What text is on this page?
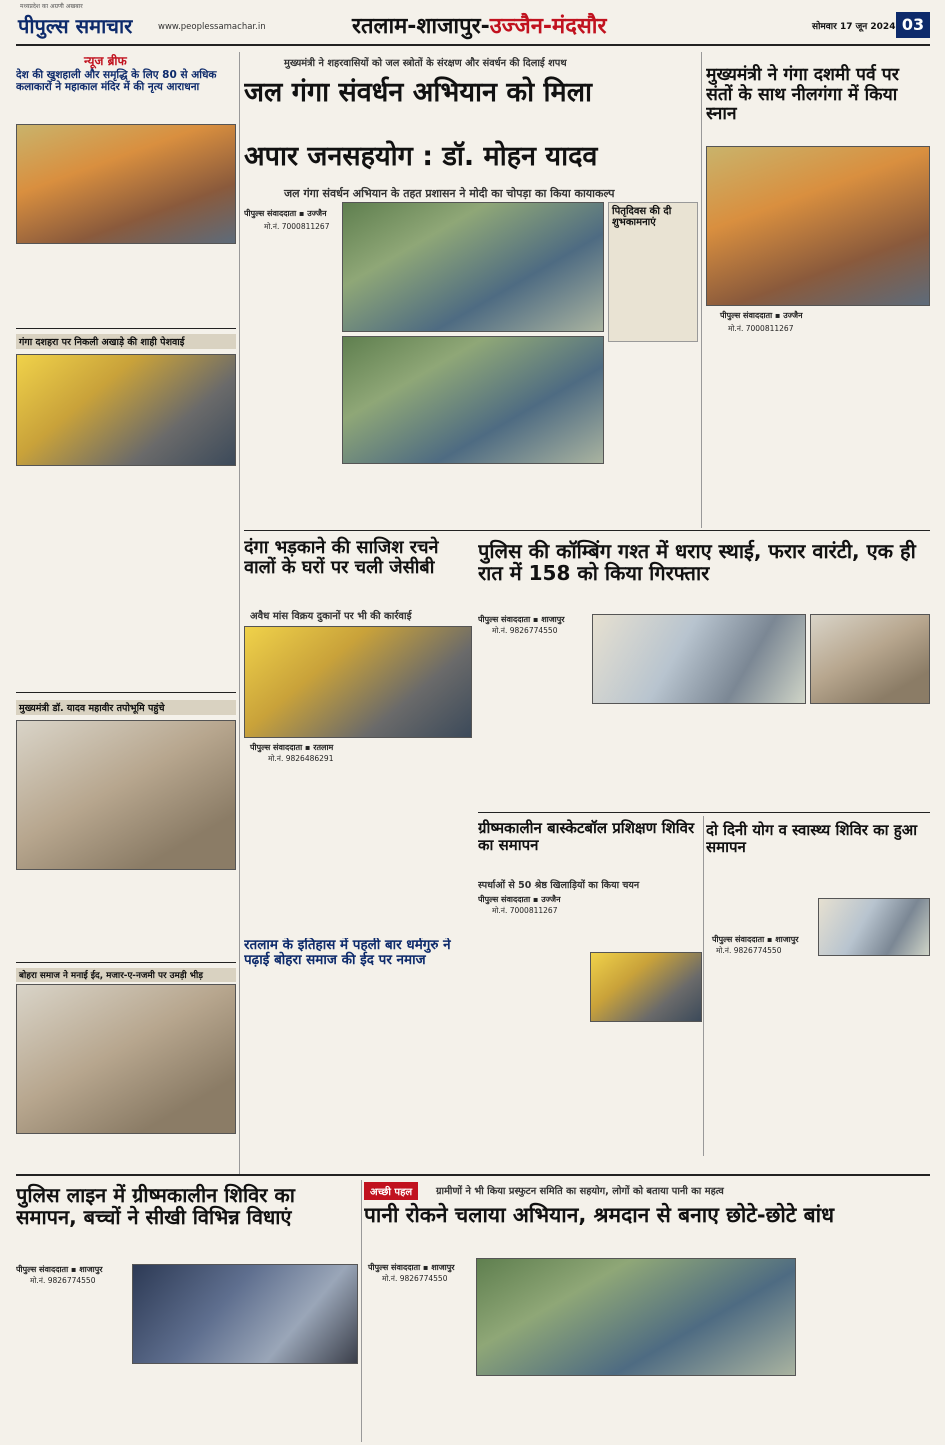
मध्यप्रदेश का अग्रणी अखबार
पीपुल्स समाचार	www.peoplessamachar.in	रतलाम-शाजापुर-उज्जैन-मंदसौर	सोमवार 17 जून 2024 03
न्यूज ब्रीफ
देश की खुशहाली और समृद्धि के लिए 80 से अधिक कलाकारों ने महाकाल मंदिर में की नृत्य आराधना
गंगा दशहरा पर निकली अखाड़े की शाही पेशवाई
मुख्यमंत्री डॉ. यादव महावीर तपोभूमि पहुंचे
बोहरा समाज ने मनाई ईद, मजार-ए-नजमी पर उमड़ी भीड़
मुख्यमंत्री ने शहरवासियों को जल स्त्रोतों के संरक्षण और संवर्धन की दिलाई शपथ
जल गंगा संवर्धन अभियान को मिला
अपार जनसहयोग : डॉ. मोहन यादव
जल गंगा संवर्धन अभियान के तहत प्रशासन ने मोदी का चोपड़ा का किया कायाकल्प
पीपुल्स संवाददाता ▪ उज्जैन
मो.नं. 7000811267
पितृदिवस की दी शुभकामनाएं
मुख्यमंत्री ने गंगा दशमी पर्व पर संतों के साथ नीलगंगा में किया स्नान
पीपुल्स संवाददाता ▪ उज्जैन
मो.नं. 7000811267
दंगा भड़काने की साजिश रचने वालों के घरों पर चली जेसीबी
अवैध मांस विक्रय दुकानों पर भी की कार्रवाई
पीपुल्स संवाददाता ▪ रतलाम
मो.नं. 9826486291
पुलिस की कॉम्बिंग गश्त में धराए स्थाई, फरार वारंटी, एक ही रात में 158 को किया गिरफ्तार
पीपुल्स संवाददाता ▪ शाजापुर
मो.नं. 9826774550
ग्रीष्मकालीन बास्केटबॉल प्रशिक्षण शिविर का समापन
स्पर्धाओं से 50 श्रेष्ठ खिलाड़ियों का किया चयन
पीपुल्स संवाददाता ▪ उज्जैन
मो.नं. 7000811267
दो दिनी योग व स्वास्थ्य शिविर का हुआ समापन
पीपुल्स संवाददाता ▪ शाजापुर
मो.नं. 9826774550
रतलाम के इतिहास में पहली बार धर्मगुरु ने पढ़ाई बोहरा समाज की ईद पर नमाज
पुलिस लाइन में ग्रीष्मकालीन शिविर का समापन, बच्चों ने सीखी विभिन्न विधाएं
पीपुल्स संवाददाता ▪ शाजापुर
मो.नं. 9826774550
अच्छी पहल	ग्रामीणों ने भी किया प्रस्फुटन समिति का सहयोग, लोगों को बताया पानी का महत्व
पानी रोकने चलाया अभियान, श्रमदान से बनाए छोटे-छोटे बांध
पीपुल्स संवाददाता ▪ शाजापुर
मो.नं. 9826774550
